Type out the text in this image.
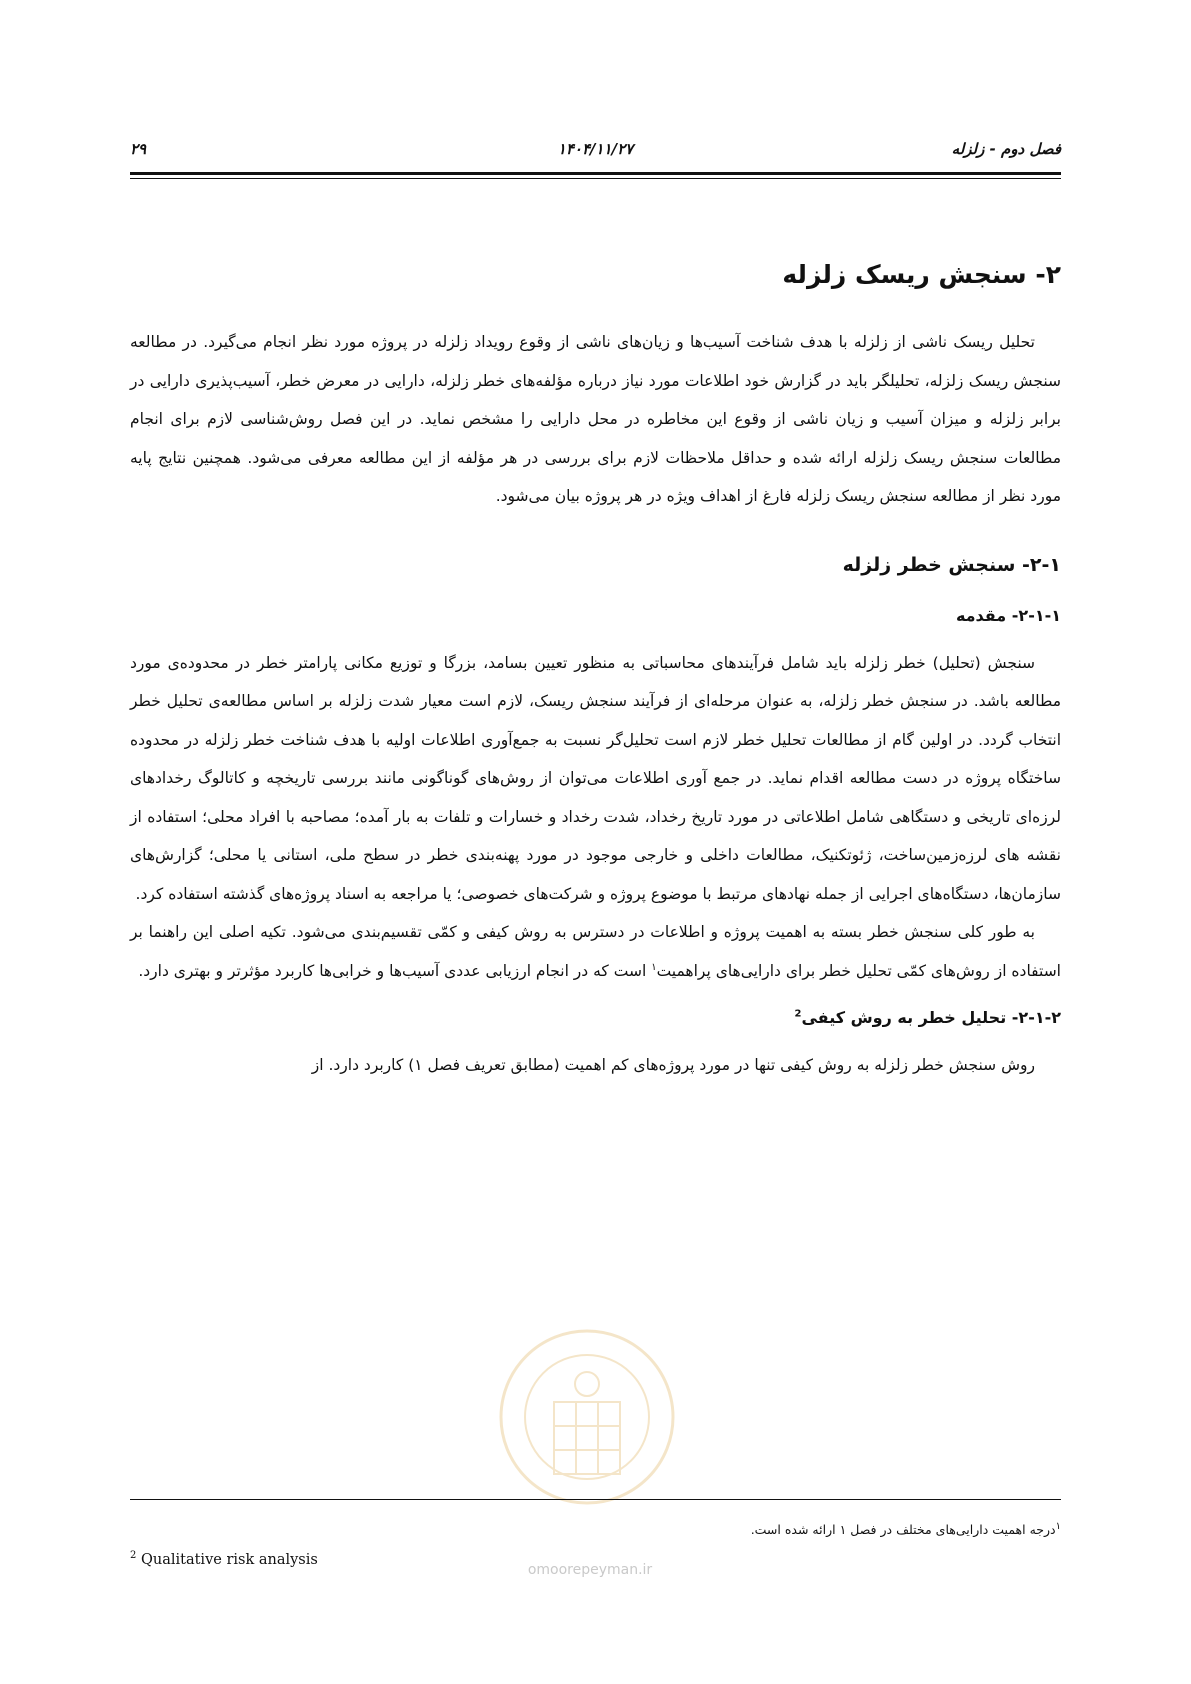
فصل دوم - زلزله
۱۴۰۴/۱۱/۲۷
۲۹
۲- سنجش ریسک زلزله

تحلیل ریسک ناشی از زلزله با هدف شناخت آسیب‌ها و زیان‌های ناشی از وقوع رویداد زلزله در پروژه مورد نظر انجام می‌گیرد. در مطالعه سنجش ریسک زلزله، تحلیلگر باید در گزارش خود اطلاعات مورد نیاز درباره مؤلفه‌های خطر زلزله، دارایی در معرض خطر، آسیب‌پذیری دارایی در برابر زلزله و میزان آسیب و زیان ناشی از وقوع این مخاطره در محل دارایی را مشخص نماید. در این فصل روش‌شناسی لازم برای انجام مطالعات سنجش ریسک زلزله ارائه شده و حداقل ملاحظات لازم برای بررسی در هر مؤلفه از این مطالعه معرفی می‌شود. همچنین نتایج پایه مورد نظر از مطالعه سنجش ریسک زلزله فارغ از اهداف ویژه در هر پروژه بیان می‌شود.

۲-۱- سنجش خطر زلزله
۲-۱-۱- مقدمه

سنجش (تحلیل) خطر زلزله باید شامل فرآیندهای محاسباتی به منظور تعیین بسامد، بزرگا و توزیع مکانی پارامتر خطر در محدوده‌ی مورد مطالعه باشد. در سنجش خطر زلزله، به عنوان مرحله‌ای از فرآیند سنجش ریسک، لازم است معیار شدت زلزله بر اساس مطالعه‌ی تحلیل خطر انتخاب گردد. در اولین گام از مطالعات تحلیل خطر لازم است تحلیل‌گر نسبت به جمع‌آوری اطلاعات اولیه با هدف شناخت خطر زلزله در محدوده ساختگاه پروژه در دست مطالعه اقدام نماید. در جمع آوری اطلاعات می‌توان از روش‌های گوناگونی مانند بررسی تاریخچه و کاتالوگ رخدادهای لرزه‌ای تاریخی و دستگاهی شامل اطلاعاتی در مورد تاریخ رخداد، شدت رخداد و خسارات و تلفات به بار آمده؛ مصاحبه با افراد محلی؛ استفاده از نقشه های لرزه‌زمین‌ساخت، ژئوتکنیک، مطالعات داخلی و خارجی موجود در مورد پهنه‌بندی خطر در سطح ملی، استانی یا محلی؛ گزارش‌های سازمان‌ها، دستگاه‌های اجرایی از جمله نهادهای مرتبط با موضوع پروژه و شرکت‌های خصوصی؛ یا مراجعه به اسناد پروژه‌های گذشته استفاده کرد.

به طور کلی سنجش خطر بسته به اهمیت پروژه و اطلاعات در دسترس به روش کیفی و کمّی تقسیم‌بندی می‌شود. تکیه اصلی این راهنما بر استفاده از روش‌های کمّی تحلیل خطر برای دارایی‌های پراهمیت$^۱$ است که در انجام ارزیابی عددی آسیب‌ها و خرابی‌ها کاربرد مؤثرتر و بهتری دارد.

۲-۱-۲- تحلیل خطر به روش کیفی$^2$

روش سنجش خطر زلزله به روش کیفی تنها در مورد پروژه‌های کم اهمیت (مطابق تعریف فصل ۱) کاربرد دارد. از

omoorepeyman.ir
$^۱$درجه اهمیت دارایی‌های مختلف در فصل ۱ ارائه شده است.
$^2$ Qualitative risk analysis
